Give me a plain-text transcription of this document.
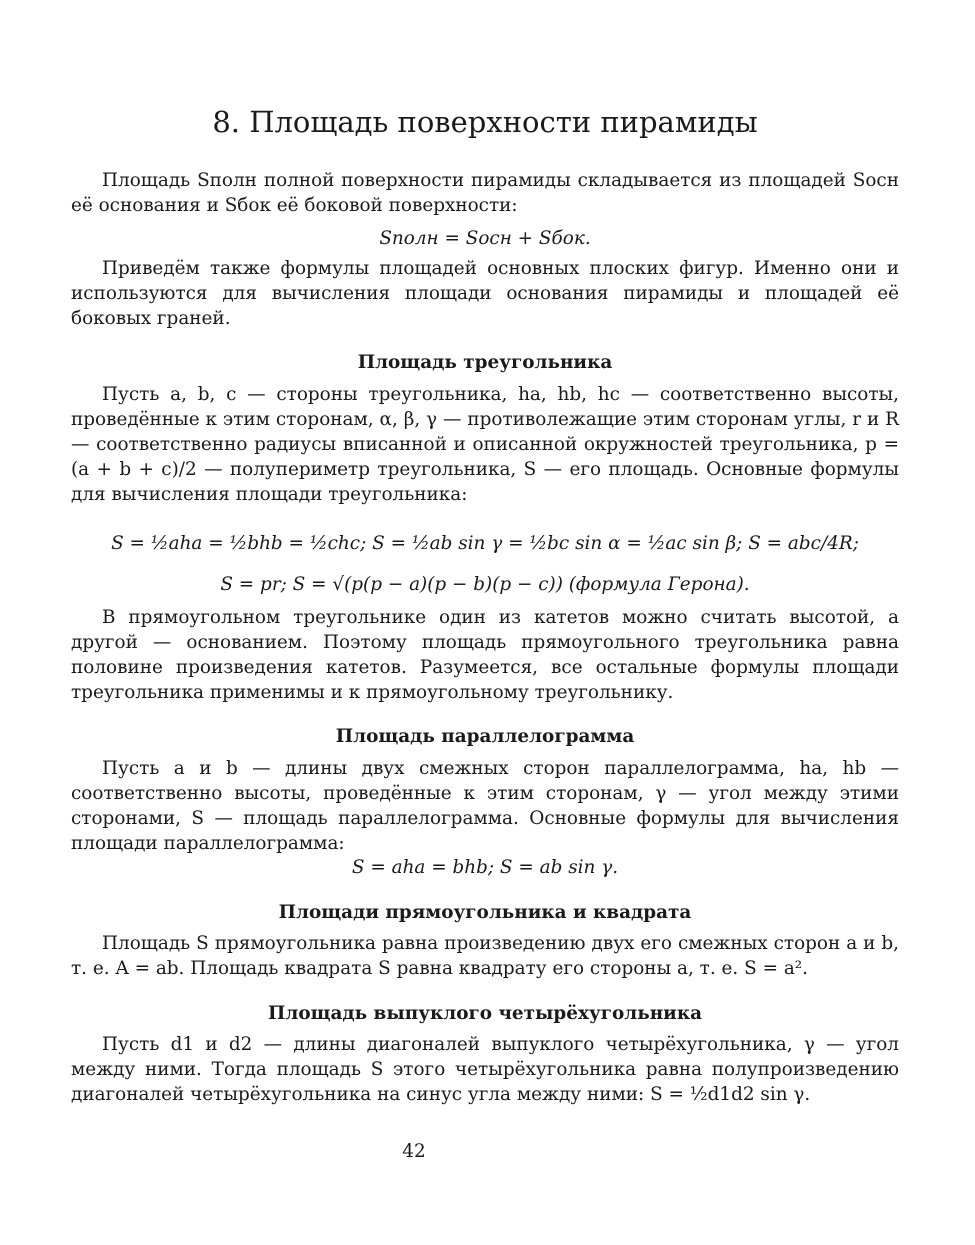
8. Площадь поверхности пирамиды

Площадь Sполн полной поверхности пирамиды складывается из площадей Sосн её основания и Sбок её боковой поверхности:

Sполн = Sосн + Sбок.

Приведём также формулы площадей основных плоских фигур. Именно они и используются для вычисления площади основания пирамиды и площадей её боковых граней.

Площадь треугольника

Пусть a, b, c — стороны треугольника, ha, hb, hc — соответственно высоты, проведённые к этим сторонам, α, β, γ — противолежащие этим сторонам углы, r и R — соответственно радиусы вписанной и описанной окружностей треугольника, p = (a + b + c)/2 — полупериметр треугольника, S — его площадь. Основные формулы для вычисления площади треугольника:

S = ½aha = ½bhb = ½chc; S = ½ab sin γ = ½bc sin α = ½ac sin β; S = abc/4R;

S = pr; S = √(p(p − a)(p − b)(p − c)) (формула Герона).

В прямоугольном треугольнике один из катетов можно считать высотой, а другой — основанием. Поэтому площадь прямоугольного треугольника равна половине произведения катетов. Разумеется, все остальные формулы площади треугольника применимы и к прямоугольному треугольнику.

Площадь параллелограмма

Пусть a и b — длины двух смежных сторон параллелограмма, ha, hb — соответственно высоты, проведённые к этим сторонам, γ — угол между этими сторонами, S — площадь параллелограмма. Основные формулы для вычисления площади параллелограмма:

S = aha = bhb; S = ab sin γ.

Площади прямоугольника и квадрата

Площадь S прямоугольника равна произведению двух его смежных сторон a и b, т. е. A = ab. Площадь квадрата S равна квадрату его стороны a, т. е. S = a².

Площадь выпуклого четырёхугольника

Пусть d1 и d2 — длины диагоналей выпуклого четырёхугольника, γ — угол между ними. Тогда площадь S этого четырёхугольника равна полупроизведению диагоналей четырёхугольника на синус угла между ними: S = ½d1d2 sin γ.

42
